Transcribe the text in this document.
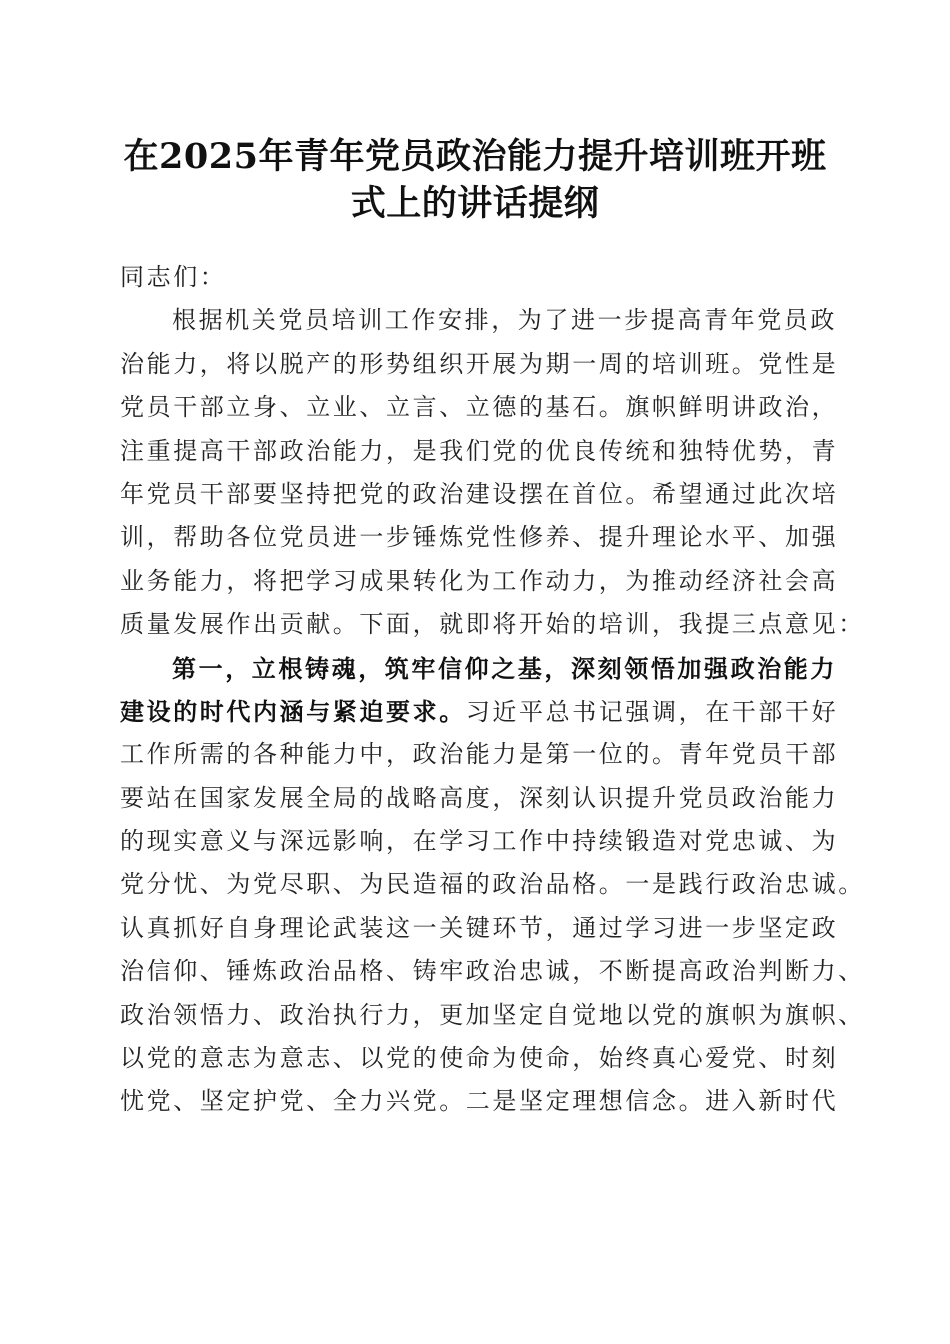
在2025年青年党员政治能力提升培训班开班
式上的讲话提纲
同志们：
根据机关党员培训工作安排，为了进一步提高青年党员政
治能力，将以脱产的形势组织开展为期一周的培训班。党性是
党员干部立身、立业、立言、立德的基石。旗帜鲜明讲政治，
注重提高干部政治能力，是我们党的优良传统和独特优势，青
年党员干部要坚持把党的政治建设摆在首位。希望通过此次培
训，帮助各位党员进一步锤炼党性修养、提升理论水平、加强
业务能力，将把学习成果转化为工作动力，为推动经济社会高
质量发展作出贡献。下面，就即将开始的培训，我提三点意见：
第一，立根铸魂，筑牢信仰之基，深刻领悟加强政治能力
建设的时代内涵与紧迫要求。习近平总书记强调，在干部干好
工作所需的各种能力中，政治能力是第一位的。青年党员干部
要站在国家发展全局的战略高度，深刻认识提升党员政治能力
的现实意义与深远影响，在学习工作中持续锻造对党忠诚、为
党分忧、为党尽职、为民造福的政治品格。一是践行政治忠诚。
认真抓好自身理论武装这一关键环节，通过学习进一步坚定政
治信仰、锤炼政治品格、铸牢政治忠诚，不断提高政治判断力、
政治领悟力、政治执行力，更加坚定自觉地以党的旗帜为旗帜、
以党的意志为意志、以党的使命为使命，始终真心爱党、时刻
忧党、坚定护党、全力兴党。二是坚定理想信念。进入新时代
